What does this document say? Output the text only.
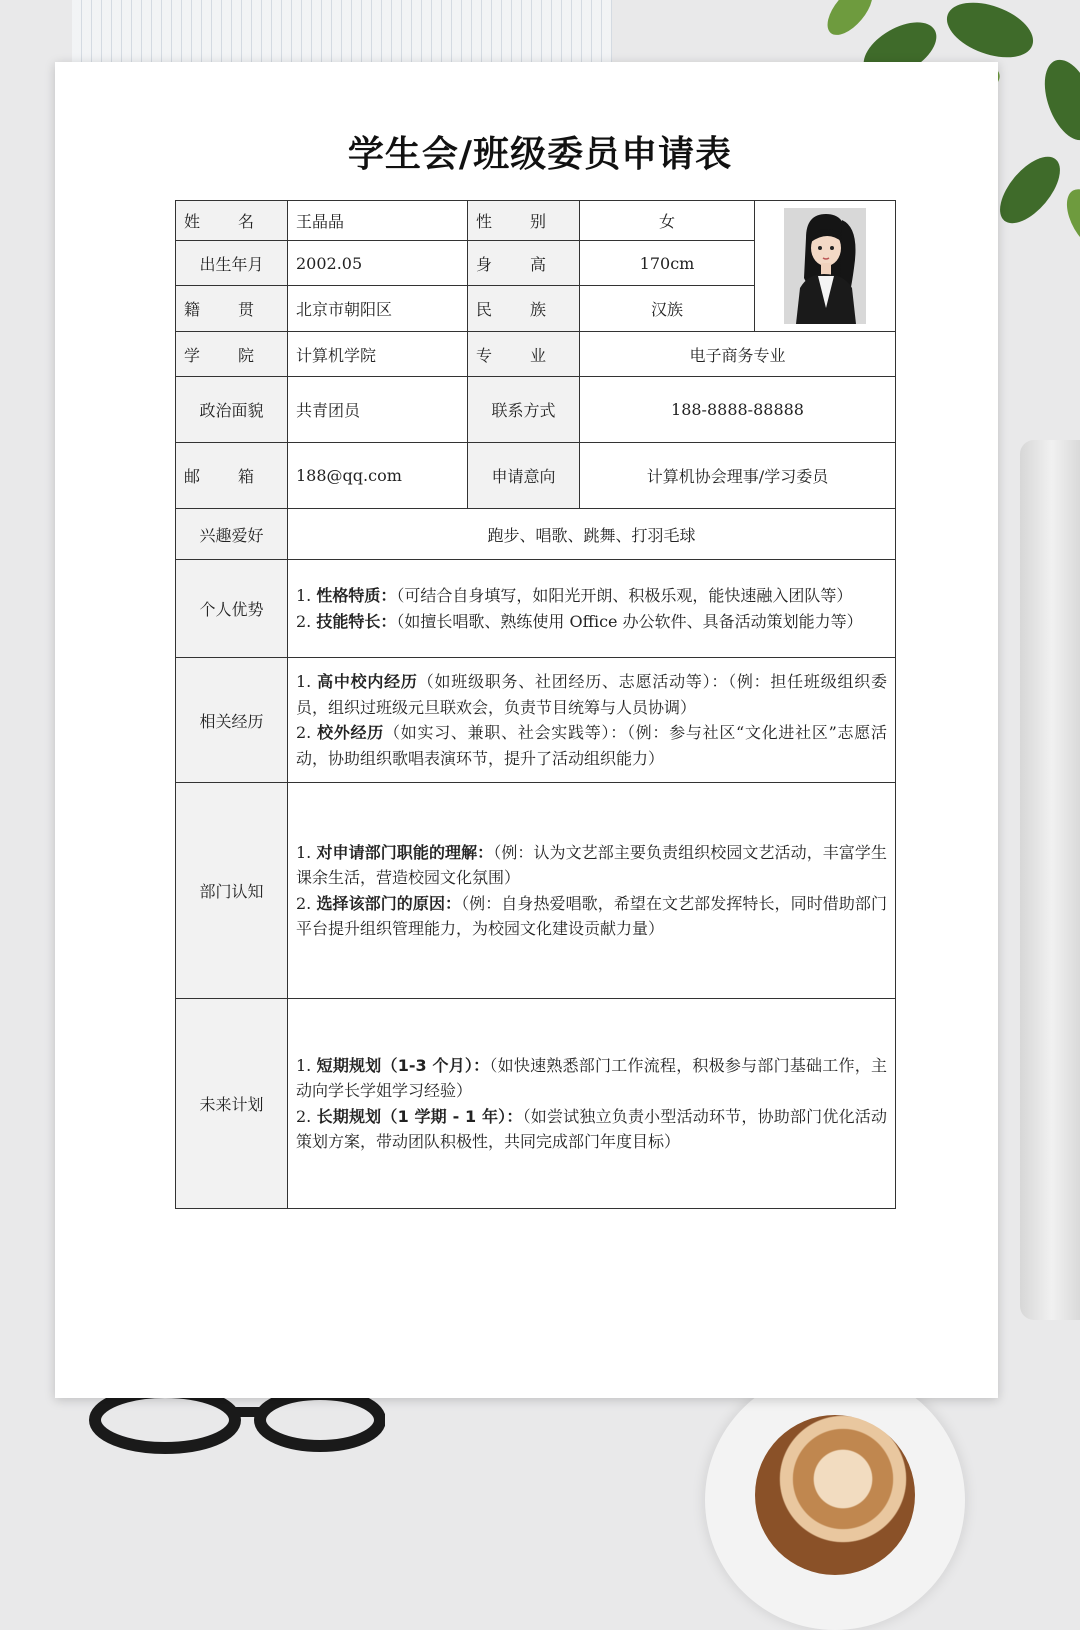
学生会/班级委员申请表
姓　名	王晶晶	性　别	女	

出生年月	2002.05	身　高	170cm	
籍　贯	北京市朝阳区	民　族	汉族	
学　院	计算机学院	专　业	电子商务专业	
政治面貌	共青团员	联系方式	188-8888-88888	
邮　箱	188@qq.com	申请意向	计算机协会理事/学习委员	
兴趣爱好	跑步、唱歌、跳舞、打羽毛球			
个人优势	1. 性格特质：（可结合自身填写，如阳光开朗、积极乐观，能快速融入团队等）
2. 技能特长：（如擅长唱歌、熟练使用 Office 办公软件、具备活动策划能力等）			

相关经历	1. 高中校内经历（如班级职务、社团经历、志愿活动等）：（例：担任班级组织委员，组织过班级元旦联欢会，负责节目统筹与人员协调）
2. 校外经历（如实习、兼职、社会实践等）：（例：参与社区“文化进社区”志愿活动，协助组织歌唱表演环节，提升了活动组织能力）			

部门认知	1. 对申请部门职能的理解：（例：认为文艺部主要负责组织校园文艺活动，丰富学生课余生活，营造校园文化氛围）
2. 选择该部门的原因：（例：自身热爱唱歌，希望在文艺部发挥特长，同时借助部门平台提升组织管理能力，为校园文化建设贡献力量）			

未来计划	1. 短期规划（1-3 个月）：（如快速熟悉部门工作流程，积极参与部门基础工作，主动向学长学姐学习经验）
2. 长期规划（1 学期 - 1 年）：（如尝试独立负责小型活动环节，协助部门优化活动策划方案，带动团队积极性，共同完成部门年度目标）			
